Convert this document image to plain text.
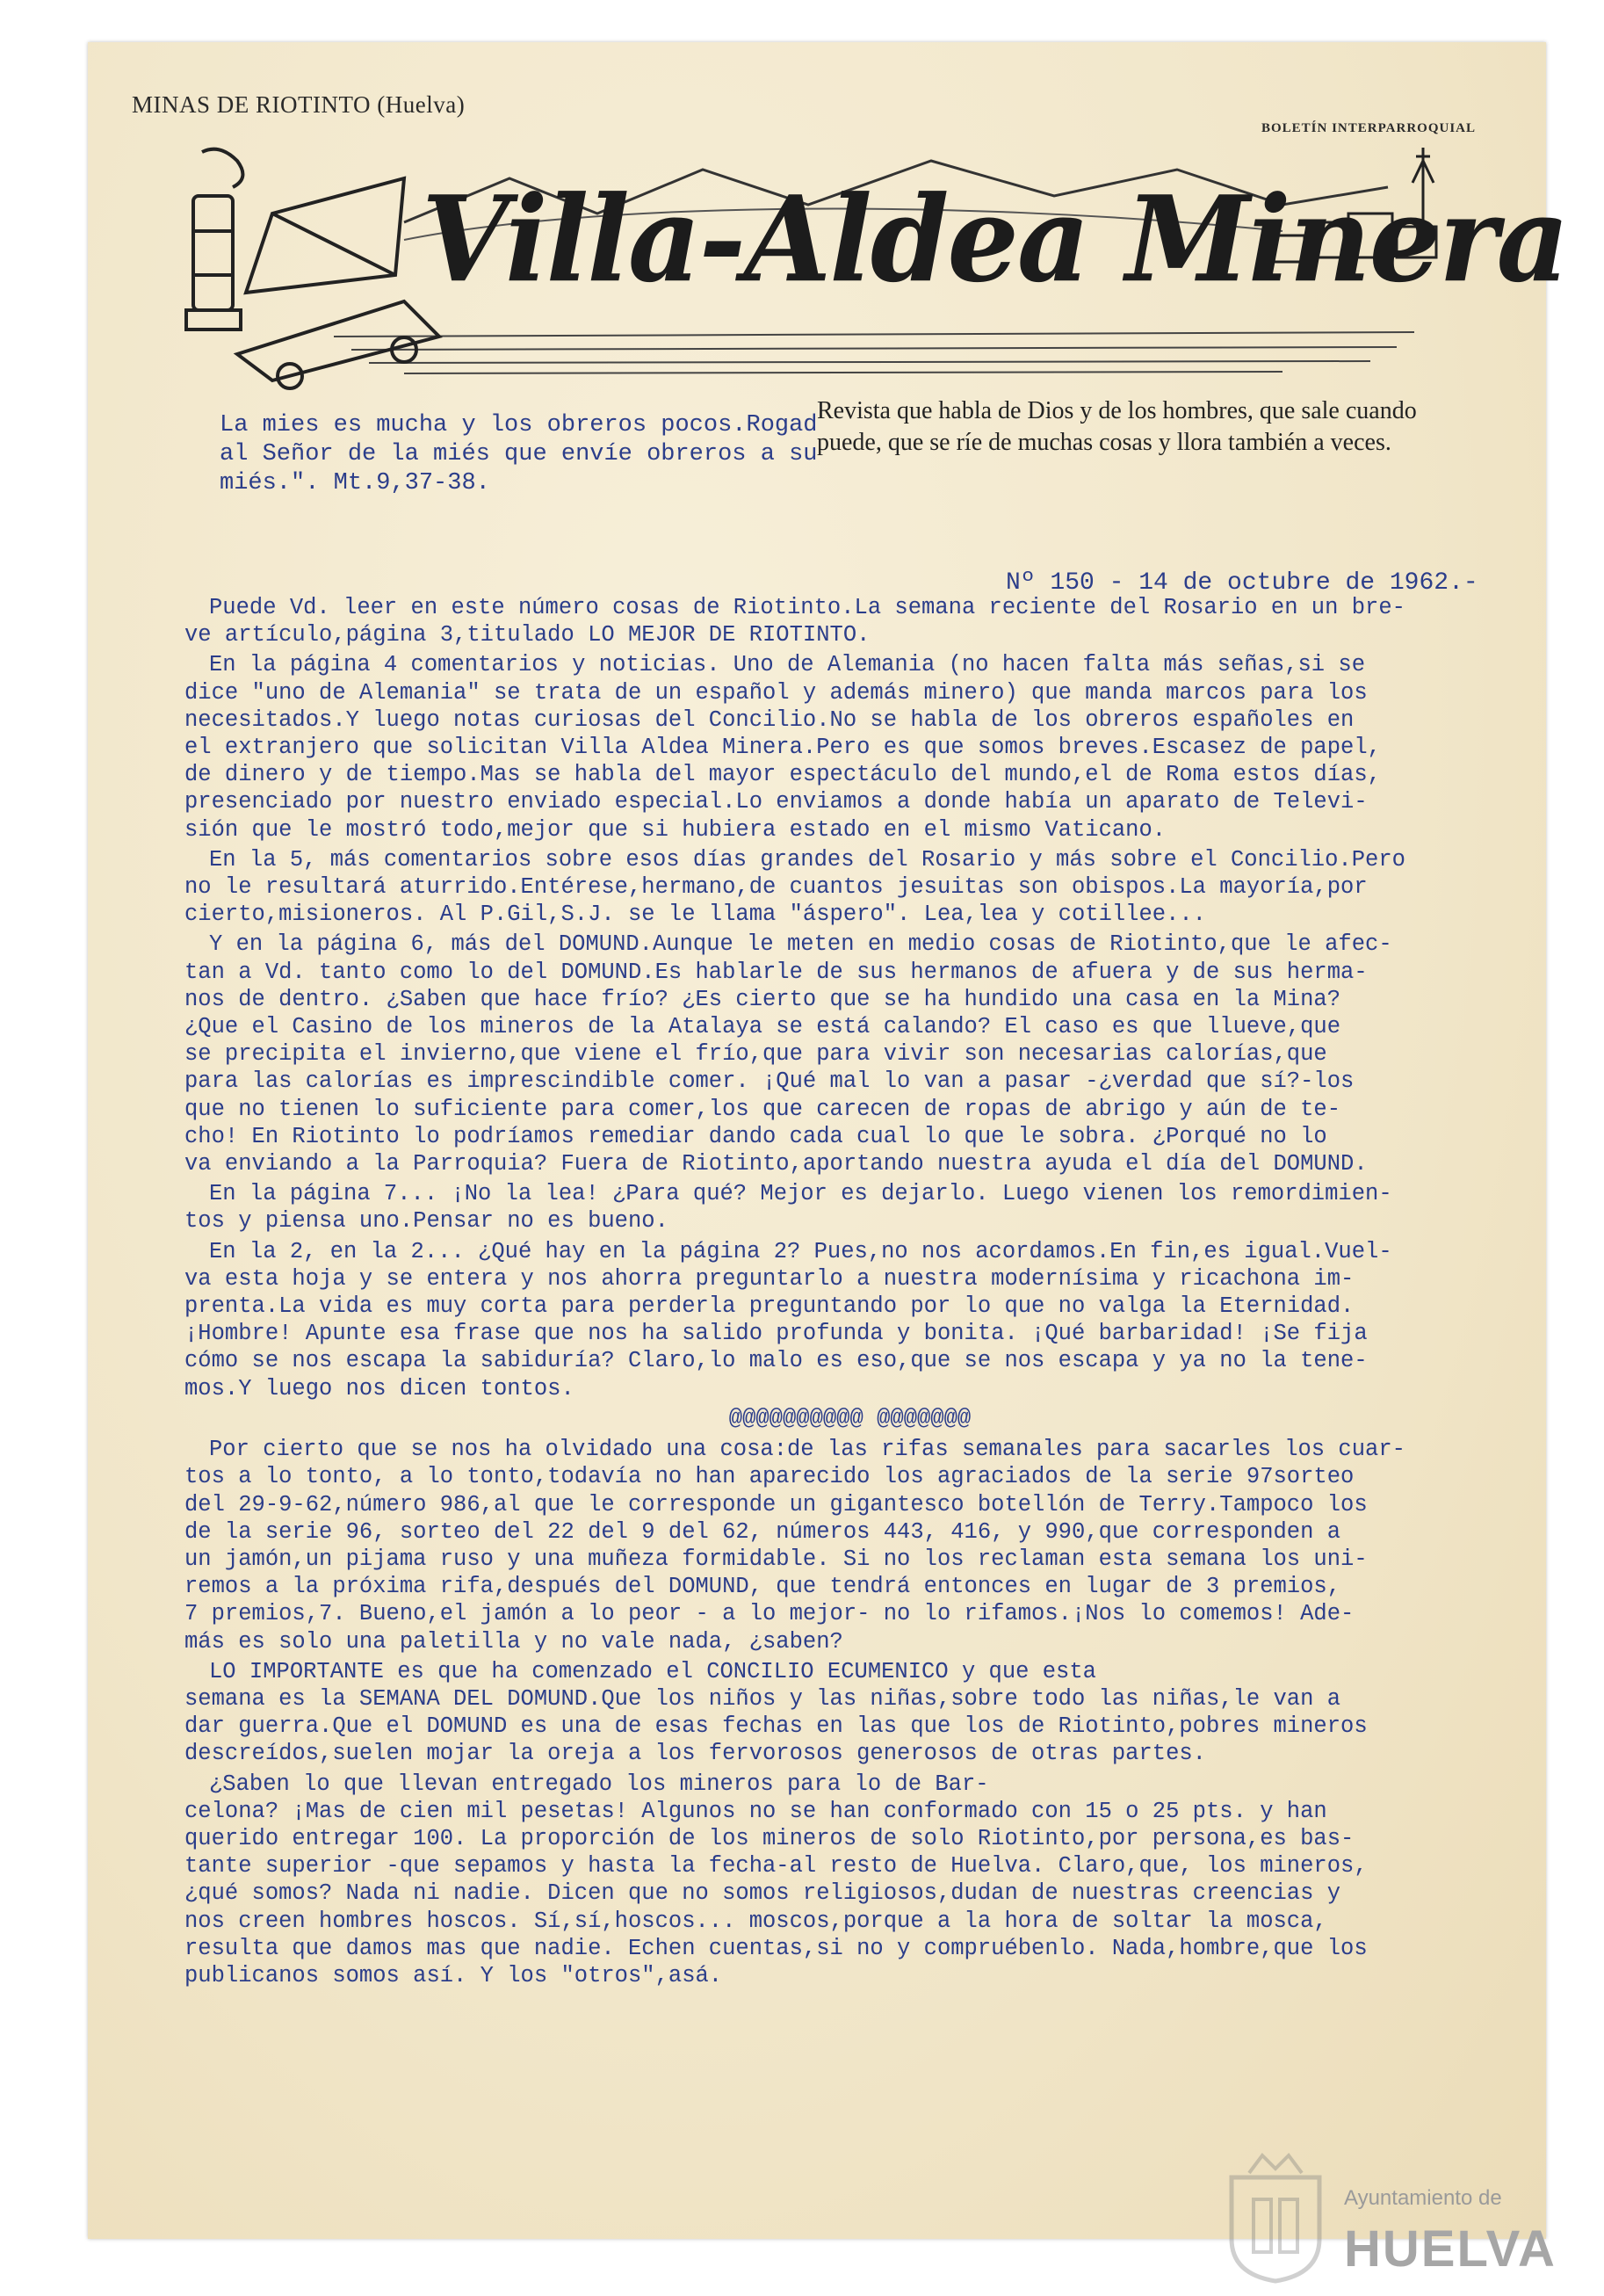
MINAS DE RIOTINTO (Huelva)
BOLETÍN INTERPARROQUIAL
Villa-Aldea Minera
Revista que habla de Dios y de los hombres, que sale cuando
puede, que se ríe de muchas cosas y llora también a veces.
La mies es mucha y los obreros pocos.Rogad
al Señor de la miés que envíe obreros a su
miés.". Mt.9,37-38.
Nº 150 - 14 de octubre de 1962.-
Puede Vd. leer en este número cosas de Riotinto.La semana reciente del Rosario en un bre-
ve artículo,página 3,titulado LO MEJOR DE RIOTINTO.
En la página 4 comentarios y noticias. Uno de Alemania (no hacen falta más señas,si se
dice "uno de Alemania" se trata de un español y además minero) que manda marcos para los
necesitados.Y luego notas curiosas del Concilio.No se habla de los obreros españoles en
el extranjero que solicitan Villa Aldea Minera.Pero es que somos breves.Escasez de papel,
de dinero y de tiempo.Mas se habla del mayor espectáculo del mundo,el de Roma estos días,
presenciado por nuestro enviado especial.Lo enviamos a donde había un aparato de Televi-
sión que le mostró todo,mejor que si hubiera estado en el mismo Vaticano.
En la 5, más comentarios sobre esos días grandes del Rosario y más sobre el Concilio.Pero
no le resultará aturrido.Entérese,hermano,de cuantos jesuitas son obispos.La mayoría,por
cierto,misioneros. Al P.Gil,S.J. se le llama "áspero". Lea,lea y cotillee...
Y en la página 6, más del DOMUND.Aunque le meten en medio cosas de Riotinto,que le afec-
tan a Vd. tanto como lo del DOMUND.Es hablarle de sus hermanos de afuera y de sus herma-
nos de dentro. ¿Saben que hace frío? ¿Es cierto que se ha hundido una casa en la Mina?
¿Que el Casino de los mineros de la Atalaya se está calando? El caso es que llueve,que
se precipita el invierno,que viene el frío,que para vivir son necesarias calorías,que
para las calorías es imprescindible comer. ¡Qué mal lo van a pasar -¿verdad que sí?-los
que no tienen lo suficiente para comer,los que carecen de ropas de abrigo y aún de te-
cho! En Riotinto lo podríamos remediar dando cada cual lo que le sobra. ¿Porqué no lo
va enviando a la Parroquia? Fuera de Riotinto,aportando nuestra ayuda el día del DOMUND.
En la página 7... ¡No la lea! ¿Para qué? Mejor es dejarlo. Luego vienen los remordimien-
tos y piensa uno.Pensar no es bueno.
En la 2, en la 2... ¿Qué hay en la página 2? Pues,no nos acordamos.En fin,es igual.Vuel-
va esta hoja y se entera y nos ahorra preguntarlo a nuestra modernísima y ricachona im-
prenta.La vida es muy corta para perderla preguntando por lo que no valga la Eternidad.
¡Hombre! Apunte esa frase que nos ha salido profunda y bonita. ¡Qué barbaridad! ¡Se fija
cómo se nos escapa la sabiduría? Claro,lo malo es eso,que se nos escapa y ya no la tene-
mos.Y luego nos dicen tontos.
@@@@@@@@@@ @@@@@@@
Por cierto que se nos ha olvidado una cosa:de las rifas semanales para sacarles los cuar-
tos a lo tonto, a lo tonto,todavía no han aparecido los agraciados de la serie 97sorteo
del 29-9-62,número 986,al que le corresponde un gigantesco botellón de Terry.Tampoco los
de la serie 96, sorteo del 22 del 9 del 62, números 443, 416, y 990,que corresponden a
un jamón,un pijama ruso y una muñeza formidable. Si no los reclaman esta semana los uni-
remos a la próxima rifa,después del DOMUND, que tendrá entonces en lugar de 3 premios,
7 premios,7. Bueno,el jamón a lo peor - a lo mejor- no lo rifamos.¡Nos lo comemos! Ade-
más es solo una paletilla y no vale nada, ¿saben?
LO IMPORTANTE es que ha comenzado el CONCILIO ECUMENICO y que esta
semana es la SEMANA DEL DOMUND.Que los niños y las niñas,sobre todo las niñas,le van a
dar guerra.Que el DOMUND es una de esas fechas en las que los de Riotinto,pobres mineros
descreídos,suelen mojar la oreja a los fervorosos generosos de otras partes.
¿Saben lo que llevan entregado los mineros para lo de Bar-
celona? ¡Mas de cien mil pesetas! Algunos no se han conformado con 15 o 25 pts. y han
querido entregar 100. La proporción de los mineros de solo Riotinto,por persona,es bas-
tante superior -que sepamos y hasta la fecha-al resto de Huelva. Claro,que, los mineros,
¿qué somos? Nada ni nadie. Dicen que no somos religiosos,dudan de nuestras creencias y
nos creen hombres hoscos. Sí,sí,hoscos... moscos,porque a la hora de soltar la mosca,
resulta que damos mas que nadie. Echen cuentas,si no y compruébenlo. Nada,hombre,que los
publicanos somos así. Y los "otros",asá.
Ayuntamiento de
HUELVA
